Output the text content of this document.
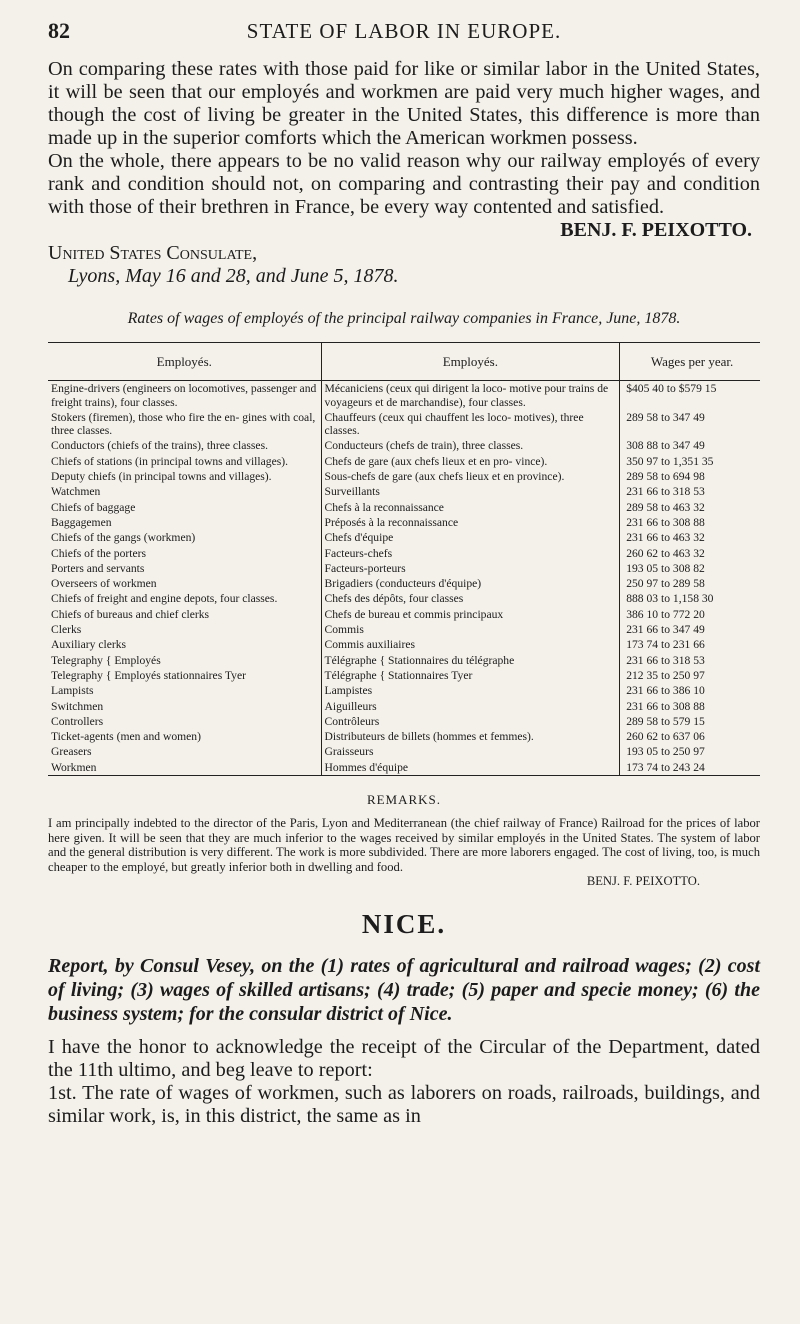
82	STATE OF LABOR IN EUROPE.

On comparing these rates with those paid for like or similar labor in the United States, it will be seen that our employés and workmen are paid very much higher wages, and though the cost of living be greater in the United States, this difference is more than made up in the superior comforts which the American workmen possess.

On the whole, there appears to be no valid reason why our railway employés of every rank and condition should not, on comparing and contrasting their pay and condition with those of their brethren in France, be every way contented and satisfied.

BENJ. F. PEIXOTTO.

United States Consulate,

Lyons, May 16 and 28, and June 5, 1878.

Rates of wages of employés of the principal railway companies in France, June, 1878.

Employés.	Employés.	Wages per year.
Engine-drivers (engineers on locomotives, passenger and freight trains), four classes.	Mécaniciens (ceux qui dirigent la loco- motive pour trains de voyageurs et de marchandise), four classes.	$405 40 to $579 15
Stokers (firemen), those who fire the en- gines with coal, three classes.	Chauffeurs (ceux qui chauffent les loco- motives), three classes.	289 58 to 347 49
Conductors (chiefs of the trains), three classes.	Conducteurs (chefs de train), three classes.	308 88 to 347 49
Chiefs of stations (in principal towns and villages).	Chefs de gare (aux chefs lieux et en pro- vince).	350 97 to 1,351 35
Deputy chiefs (in principal towns and villages).	Sous-chefs de gare (aux chefs lieux et en province).	289 58 to 694 98
Watchmen	Surveillants	231 66 to 318 53
Chiefs of baggage	Chefs à la reconnaissance	289 58 to 463 32
Baggagemen	Préposés à la reconnaissance	231 66 to 308 88
Chiefs of the gangs (workmen)	Chefs d'équipe	231 66 to 463 32
Chiefs of the porters	Facteurs-chefs	260 62 to 463 32
Porters and servants	Facteurs-porteurs	193 05 to 308 82
Overseers of workmen	Brigadiers (conducteurs d'équipe)	250 97 to 289 58
Chiefs of freight and engine depots, four classes.	Chefs des dépôts, four classes	888 03 to 1,158 30
Chiefs of bureaus and chief clerks	Chefs de bureau et commis principaux	386 10 to 772 20
Clerks	Commis	231 66 to 347 49
Auxiliary clerks	Commis auxiliaires	173 74 to 231 66
Telegraphy { Employés	Télégraphe { Stationnaires du télégraphe	231 66 to 318 53
Telegraphy { Employés stationnaires Tyer	Télégraphe { Stationnaires Tyer	212 35 to 250 97
Lampists	Lampistes	231 66 to 386 10
Switchmen	Aiguilleurs	231 66 to 308 88
Controllers	Contrôleurs	289 58 to 579 15
Ticket-agents (men and women)	Distributeurs de billets (hommes et femmes).	260 62 to 637 06
Greasers	Graisseurs	193 05 to 250 97
Workmen	Hommes d'équipe	173 74 to 243 24

REMARKS.

I am principally indebted to the director of the Paris, Lyon and Mediterranean (the chief railway of France) Railroad for the prices of labor here given. It will be seen that they are much inferior to the wages received by similar employés in the United States. The system of labor and the general distribution is very different. The work is more subdivided. There are more laborers engaged. The cost of living, too, is much cheaper to the employé, but greatly inferior both in dwelling and food.

BENJ. F. PEIXOTTO.

NICE.

Report, by Consul Vesey, on the (1) rates of agricultural and railroad wages; (2) cost of living; (3) wages of skilled artisans; (4) trade; (5) paper and specie money; (6) the business system; for the consular district of Nice.

I have the honor to acknowledge the receipt of the Circular of the Department, dated the 11th ultimo, and beg leave to report:

1st. The rate of wages of workmen, such as laborers on roads, railroads, buildings, and similar work, is, in this district, the same as in
